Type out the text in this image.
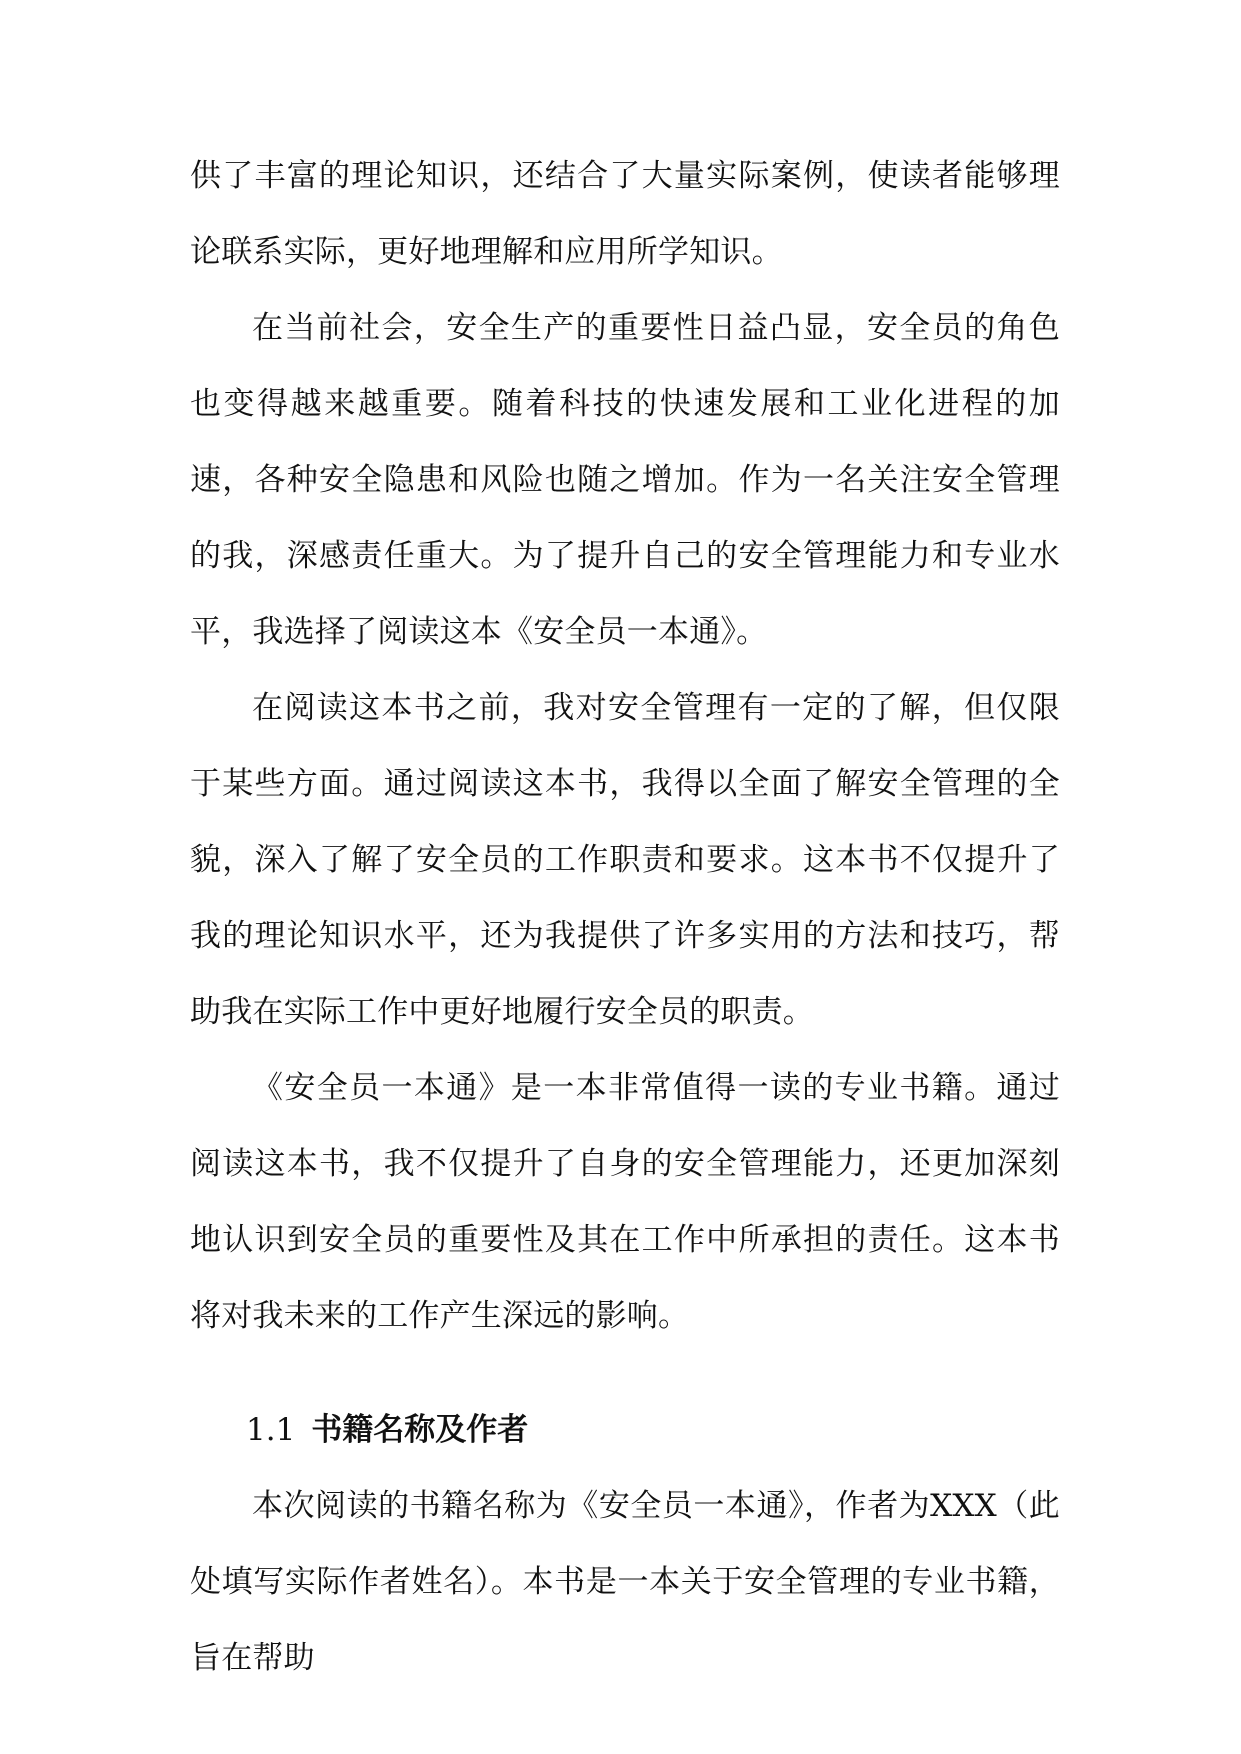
供了丰富的理论知识，还结合了大量实际案例，使读者能够理论联系实际，更好地理解和应用所学知识。

在当前社会，安全生产的重要性日益凸显，安全员的角色也变得越来越重要。随着科技的快速发展和工业化进程的加速，各种安全隐患和风险也随之增加。作为一名关注安全管理的我，深感责任重大。为了提升自己的安全管理能力和专业水平，我选择了阅读这本《安全员一本通》。

在阅读这本书之前，我对安全管理有一定的了解，但仅限于某些方面。通过阅读这本书，我得以全面了解安全管理的全貌，深入了解了安全员的工作职责和要求。这本书不仅提升了我的理论知识水平，还为我提供了许多实用的方法和技巧，帮助我在实际工作中更好地履行安全员的职责。

《安全员一本通》是一本非常值得一读的专业书籍。通过阅读这本书，我不仅提升了自身的安全管理能力，还更加深刻地认识到安全员的重要性及其在工作中所承担的责任。这本书将对我未来的工作产生深远的影响。

1.1 书籍名称及作者

本次阅读的书籍名称为《安全员一本通》，作者为XXX（此处填写实际作者姓名）。本书是一本关于安全管理的专业书籍，旨在帮助
